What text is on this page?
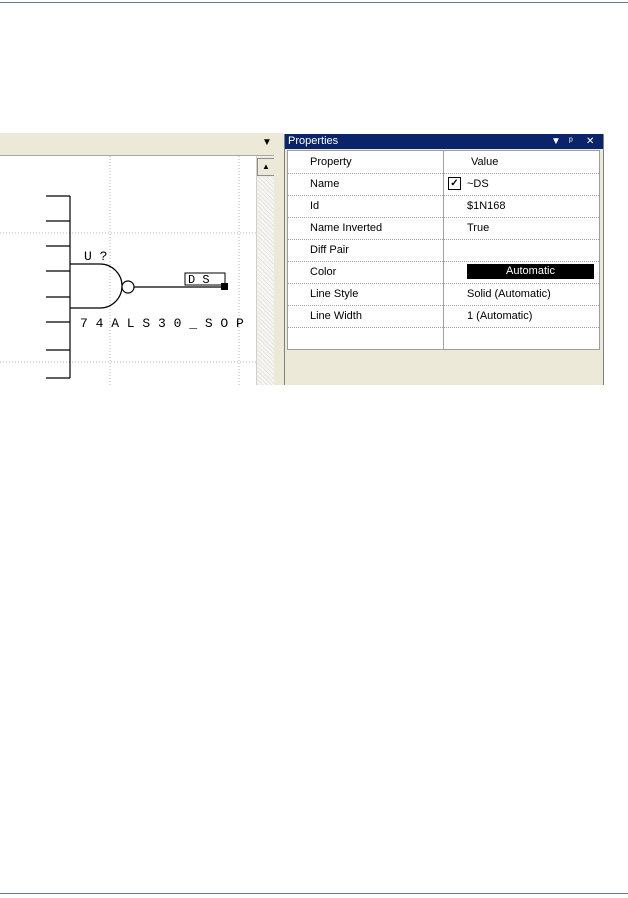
▼
D S
U ?
7 4 A L S 3 0 _ S O P
▲
Properties	▼ ᵖ ✕
Property	Value
Name	✓ ~DS
Id	$1N168
Name Inverted	True
Diff Pair
Color	Automatic
Line Style	Solid (Automatic)
Line Width	1 (Automatic)
